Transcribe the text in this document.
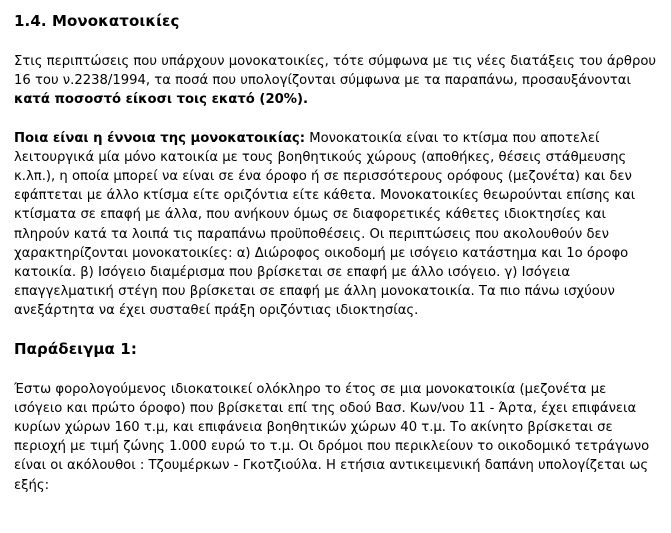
1.4. Μονοκατοικίες

Στις περιπτώσεις που υπάρχουν μονοκατοικίες, τότε σύμφωνα με τις νέες διατάξεις του άρθρου 16 του ν.2238/1994, τα ποσά που υπολογίζονται σύμφωνα με τα παραπάνω, προσαυξάνονται κατά ποσοστό είκοσι τοις εκατό (20%).

Ποια είναι η έννοια της μονοκατοικίας: Μονοκατοικία είναι το κτίσμα που αποτελεί λειτουργικά μία μόνο κατοικία με τους βοηθητικούς χώρους (αποθήκες, θέσεις στάθμευσης κ.λπ.), η οποία μπορεί να είναι σε ένα όροφο ή σε περισσότερους ορόφους (μεζονέτα) και δεν εφάπτεται με άλλο κτίσμα είτε οριζόντια είτε κάθετα. Μονοκατοικίες θεωρούνται επίσης και κτίσματα σε επαφή με άλλα, που ανήκουν όμως σε διαφορετικές κάθετες ιδιοκτησίες και πληρούν κατά τα λοιπά τις παραπάνω προϋποθέσεις. Οι περιπτώσεις που ακολουθούν δεν χαρακτηρίζονται μονοκατοικίες: α) Διώροφος οικοδομή με ισόγειο κατάστημα και 1ο όροφο κατοικία. β) Ισόγειο διαμέρισμα που βρίσκεται σε επαφή με άλλο ισόγειο. γ) Ισόγεια επαγγελματική στέγη που βρίσκεται σε επαφή με άλλη μονοκατοικία. Τα πιο πάνω ισχύουν ανεξάρτητα να έχει συσταθεί πράξη οριζόντιας ιδιοκτησίας.

Παράδειγμα 1:

Έστω φορολογούμενος ιδιοκατοικεί ολόκληρο το έτος σε μια μονοκατοικία (μεζονέτα με ισόγειο και πρώτο όροφο) που βρίσκεται επί της οδού Βασ. Κων/νου 11 - Άρτα, έχει επιφάνεια κυρίων χώρων 160 τ.μ, και επιφάνεια βοηθητικών χώρων 40 τ.μ. Το ακίνητο βρίσκεται σε περιοχή με τιμή ζώνης 1.000 ευρώ το τ.μ. Οι δρόμοι που περικλείουν το οικοδομικό τετράγωνο είναι οι ακόλουθοι : Τζουμέρκων - Γκοτζιούλα. Η ετήσια αντικειμενική δαπάνη υπολογίζεται ως εξής:
